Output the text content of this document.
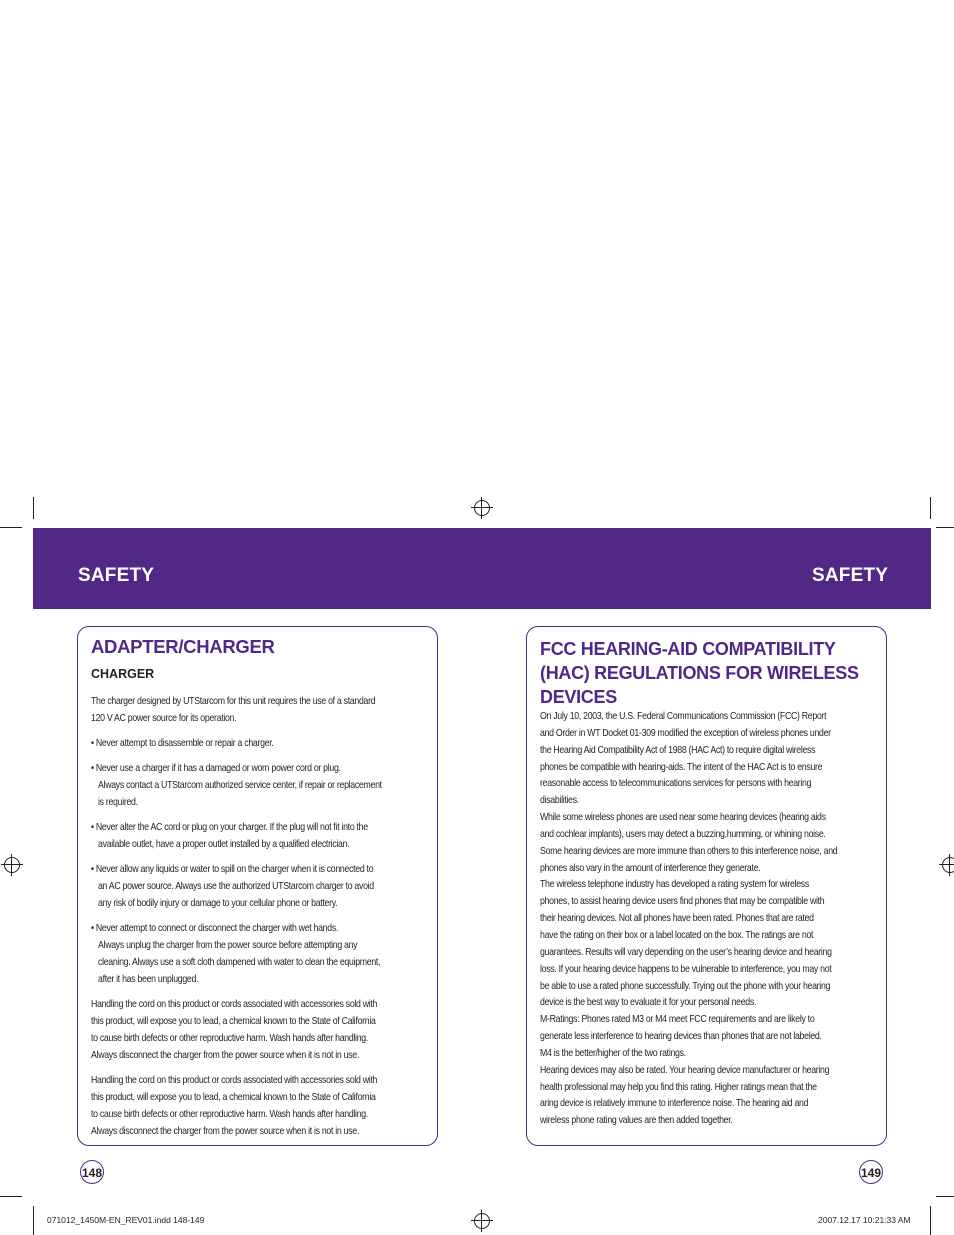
SAFETY	SAFETY
ADAPTER/CHARGER
CHARGER

The charger designed by UTStarcom for this unit requires the use of a standard

120 V AC power source for its operation.

• Never attempt to disassemble or repair a charger.

• Never use a charger if it has a damaged or worn power cord or plug.

Always contact a UTStarcom authorized service center, if repair or replacement

is required.

• Never alter the AC cord or plug on your charger. If the plug will not fit into the

available outlet, have a proper outlet installed by a qualified electrician.

• Never allow any liquids or water to spill on the charger when it is connected to

an AC power source. Always use the authorized UTStarcom charger to avoid

any risk of bodily injury or damage to your cellular phone or battery.

• Never attempt to connect or disconnect the charger with wet hands.

Always unplug the charger from the power source before attempting any

cleaning. Always use a soft cloth dampened with water to clean the equipment,

after it has been unplugged.

Handling the cord on this product or cords associated with accessories sold with

this product, will expose you to lead, a chemical known to the State of California

to cause birth defects or other reproductive harm. Wash hands after handling.

Always disconnect the charger from the power source when it is not in use.

Handling the cord on this product or cords associated with accessories sold with

this product, will expose you to lead, a chemical known to the State of California

to cause birth defects or other reproductive harm. Wash hands after handling.

Always disconnect the charger from the power source when it is not in use.

FCC HEARING-AID COMPATIBILITY
(HAC) REGULATIONS FOR WIRELESS
DEVICES

On July 10, 2003, the U.S. Federal Communications Commission (FCC) Report

and Order in WT Docket 01-309 modified the exception of wireless phones under

the Hearing Aid Compatibility Act of 1988 (HAC Act) to require digital wireless

phones be compatible with hearing-aids. The intent of the HAC Act is to ensure

reasonable access to telecommunications services for persons with hearing

disabilities.

While some wireless phones are used near some hearing devices (hearing aids

and cochlear implants), users may detect a buzzing,humming, or whining noise.

Some hearing devices are more immune than others to this interference noise, and

phones also vary in the amount of interference they generate.

The wireless telephone industry has developed a rating system for wireless

phones, to assist hearing device users find phones that may be compatible with

their hearing devices. Not all phones have been rated. Phones that are rated

have the rating on their box or a label located on the box. The ratings are not

guarantees. Results will vary depending on the user’s hearing device and hearing

loss. If your hearing device happens to be vulnerable to interference, you may not

be able to use a rated phone successfully. Trying out the phone with your hearing

device is the best way to evaluate it for your personal needs.

M-Ratings: Phones rated M3 or M4 meet FCC requirements and are likely to

generate less interference to hearing devices than phones that are not labeled.

M4 is the better/higher of the two ratings.

Hearing devices may also be rated. Your hearing device manufacturer or hearing

health professional may help you find this rating. Higher ratings mean that the

aring device is relatively immune to interference noise. The hearing aid and

wireless phone rating values are then added together.

148	149
071012_1450M-EN_REV01.indd 148-149	2007.12.17 10:21:33 AM
